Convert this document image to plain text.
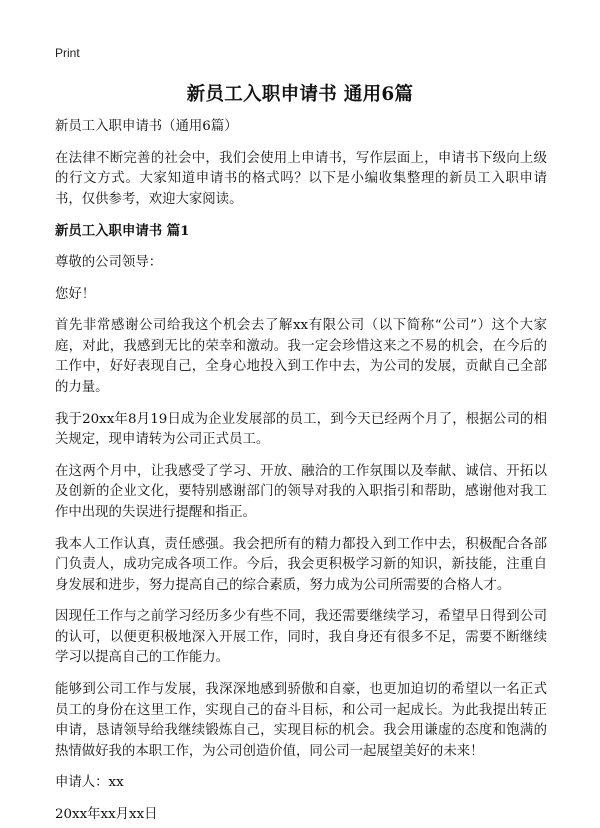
Print
新员工入职申请书 通用6篇

新员工入职申请书（通用6篇）

在法律不断完善的社会中，我们会使用上申请书，写作层面上，申请书下级向上级的行文方式。大家知道申请书的格式吗？以下是小编收集整理的新员工入职申请书，仅供参考，欢迎大家阅读。

新员工入职申请书 篇1

尊敬的公司领导：

您好！

首先非常感谢公司给我这个机会去了解xx有限公司（以下简称“公司”）这个大家庭，对此，我感到无比的荣幸和激动。我一定会珍惜这来之不易的机会，在今后的工作中，好好表现自己，全身心地投入到工作中去，为公司的发展，贡献自己全部的力量。

我于20xx年8月19日成为企业发展部的员工，到今天已经两个月了，根据公司的相关规定，现申请转为公司正式员工。

在这两个月中，让我感受了学习、开放、融洽的工作氛围以及奉献、诚信、开拓以及创新的企业文化，要特别感谢部门的领导对我的入职指引和帮助，感谢他对我工作中出现的失误进行提醒和指正。

我本人工作认真，责任感强。我会把所有的精力都投入到工作中去，积极配合各部门负责人，成功完成各项工作。今后，我会更积极学习新的知识，新技能，注重自身发展和进步，努力提高自己的综合素质，努力成为公司所需要的合格人才。

因现任工作与之前学习经历多少有些不同，我还需要继续学习，希望早日得到公司的认可，以便更积极地深入开展工作，同时，我自身还有很多不足，需要不断继续学习以提高自己的工作能力。

能够到公司工作与发展，我深深地感到骄傲和自豪，也更加迫切的希望以一名正式员工的身份在这里工作，实现自己的奋斗目标，和公司一起成长。为此我提出转正申请，恳请领导给我继续锻炼自己，实现目标的机会。我会用谦虚的态度和饱满的热情做好我的本职工作，为公司创造价值，同公司一起展望美好的未来！

申请人：xx

20xx年xx月xx日
